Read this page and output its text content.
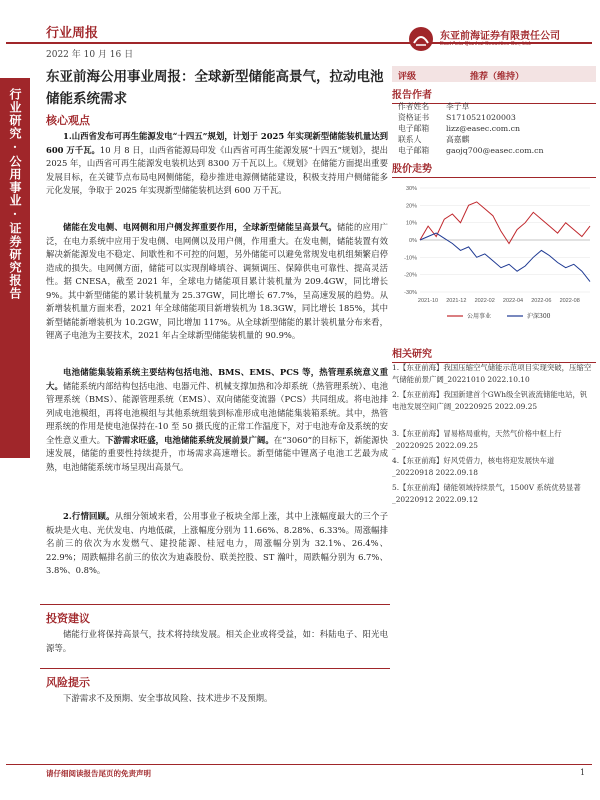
行业周报
2022 年 10 月 16 日
东亚前海证券有限责任公司
East Asia Qianhai Securities Co., Ltd.
行业研究·公用事业·证券研究报告
东亚前海公用事业周报：全球新型储能高景气，拉动电池储能系统需求
核心观点
1.山西省发布可再生能源发电“十四五”规划，计划于 2025 年实现新型储能装机量达到 600 万千瓦。10 月 8 日，山西省能源局印发《山西省可再生能源发展“十四五”规划》，提出 2025 年，山西省可再生能源发电装机达到 8300 万千瓦以上。《规划》在储能方面提出重要发展目标，在关键节点布局电网侧储能，稳步推进电源侧储能建设，积极支持用户侧储能多元化发展，争取于 2025 年实现新型储能装机达到 600 万千瓦。
储能在发电侧、电网侧和用户侧发挥重要作用，全球新型储能呈高景气。储能的应用广泛，在电力系统中应用于发电侧、电网侧以及用户侧，作用重大。在发电侧，储能装置有效解决新能源发电不稳定、间歇性和不可控的问题，另外储能可以避免常规发电机组频繁启停造成的损失。电网侧方面，储能可以实现削峰填谷、调频调压、保障供电可靠性、提高灵活性。据 CNESA，截至 2021 年，全球电力储能项目累计装机量为 209.4GW，同比增长 9%。其中新型储能的累计装机量为 25.37GW，同比增长 67.7%，呈高速发展的趋势。从新增装机量方面来看，2021 年全球储能项目新增装机为 18.3GW，同比增长 185%，其中新型储能新增装机为 10.2GW，同比增加 117%。从全球新型储能的累计装机量分布来看，锂离子电池为主要技术，2021 年占全球新型储能装机量的 90.9%。
电池储能集装箱系统主要结构包括电池、BMS、EMS、PCS 等，热管理系统意义重大。储能系统内部结构包括电池、电器元件、机械支撑加热和冷却系统（热管理系统）、电池管理系统（BMS）、能源管理系统（EMS）、双向储能变流器（PCS）共同组成。将电池排列成电池模组，再将电池模组与其他系统组装到标准形成电池储能集装箱系统。其中，热管理系统的作用是使电池保持在-10 至 50 摄氏度的正常工作温度下，对于电池寿命及系统的安全性意义重大。下游需求旺盛，电池储能系统发展前景广阔。在“3060”的目标下，新能源快速发展，储能的重要性持续提升，市场需求高速增长。新型储能中锂离子电池工艺最为成熟，电池储能系统市场呈现出高景气。
2.行情回顾。从细分领域来看，公用事业子板块全部上涨，其中上涨幅度最大的三个子板块是火电、光伏发电、内地低碳，上涨幅度分别为 11.66%、8.28%、6.33%。周涨幅排名前三的依次为水发燃气、建投能源、桂冠电力，周涨幅分别为 32.1%、26.4%、22.9%；周跌幅排名前三的依次为迪森股份、联美控股、ST 瀚叶，周跌幅分别为 6.7%、3.8%、0.8%。
投资建议
储能行业将保持高景气，技术将持续发展。相关企业或将受益，如：科陆电子、阳光电源等。
风险提示
下游需求不及预期、安全事故风险、技术进步不及预期。
评级	推荐（维持）
报告作者
作者姓名 李子卓
资格证书 S1710521020003
电子邮箱 lizz@easec.com.cn
联系人	高嘉麒
电子邮箱 gaojq700@easec.com.cn
股价走势
30%
20%
10%
0%
-10%
-20%
-30%
2021-10 2021-12 2022-02 2022-04 2022-06 2022-08
公用事业	沪深300
相关研究
1.【东亚前海】我国压缩空气储能示范项目实现突破，压缩空气储能前景广阔_20221010 2022.10.10
2.【东亚前海】我国新建首个GWh级全钒液流储能电站，钒电池发展空间广阔_20220925 2022.09.25
3.【东亚前海】冒易格局重构，天然气价格中枢上行_20220925 2022.09.25
4.【东亚前海】好风凭借力，核电将迎发展快车道_20220918 2022.09.18
5.【东亚前海】储能领域持续景气，1500V 系统优势显著_20220912 2022.09.12
请仔细阅读报告尾页的免责声明	1
